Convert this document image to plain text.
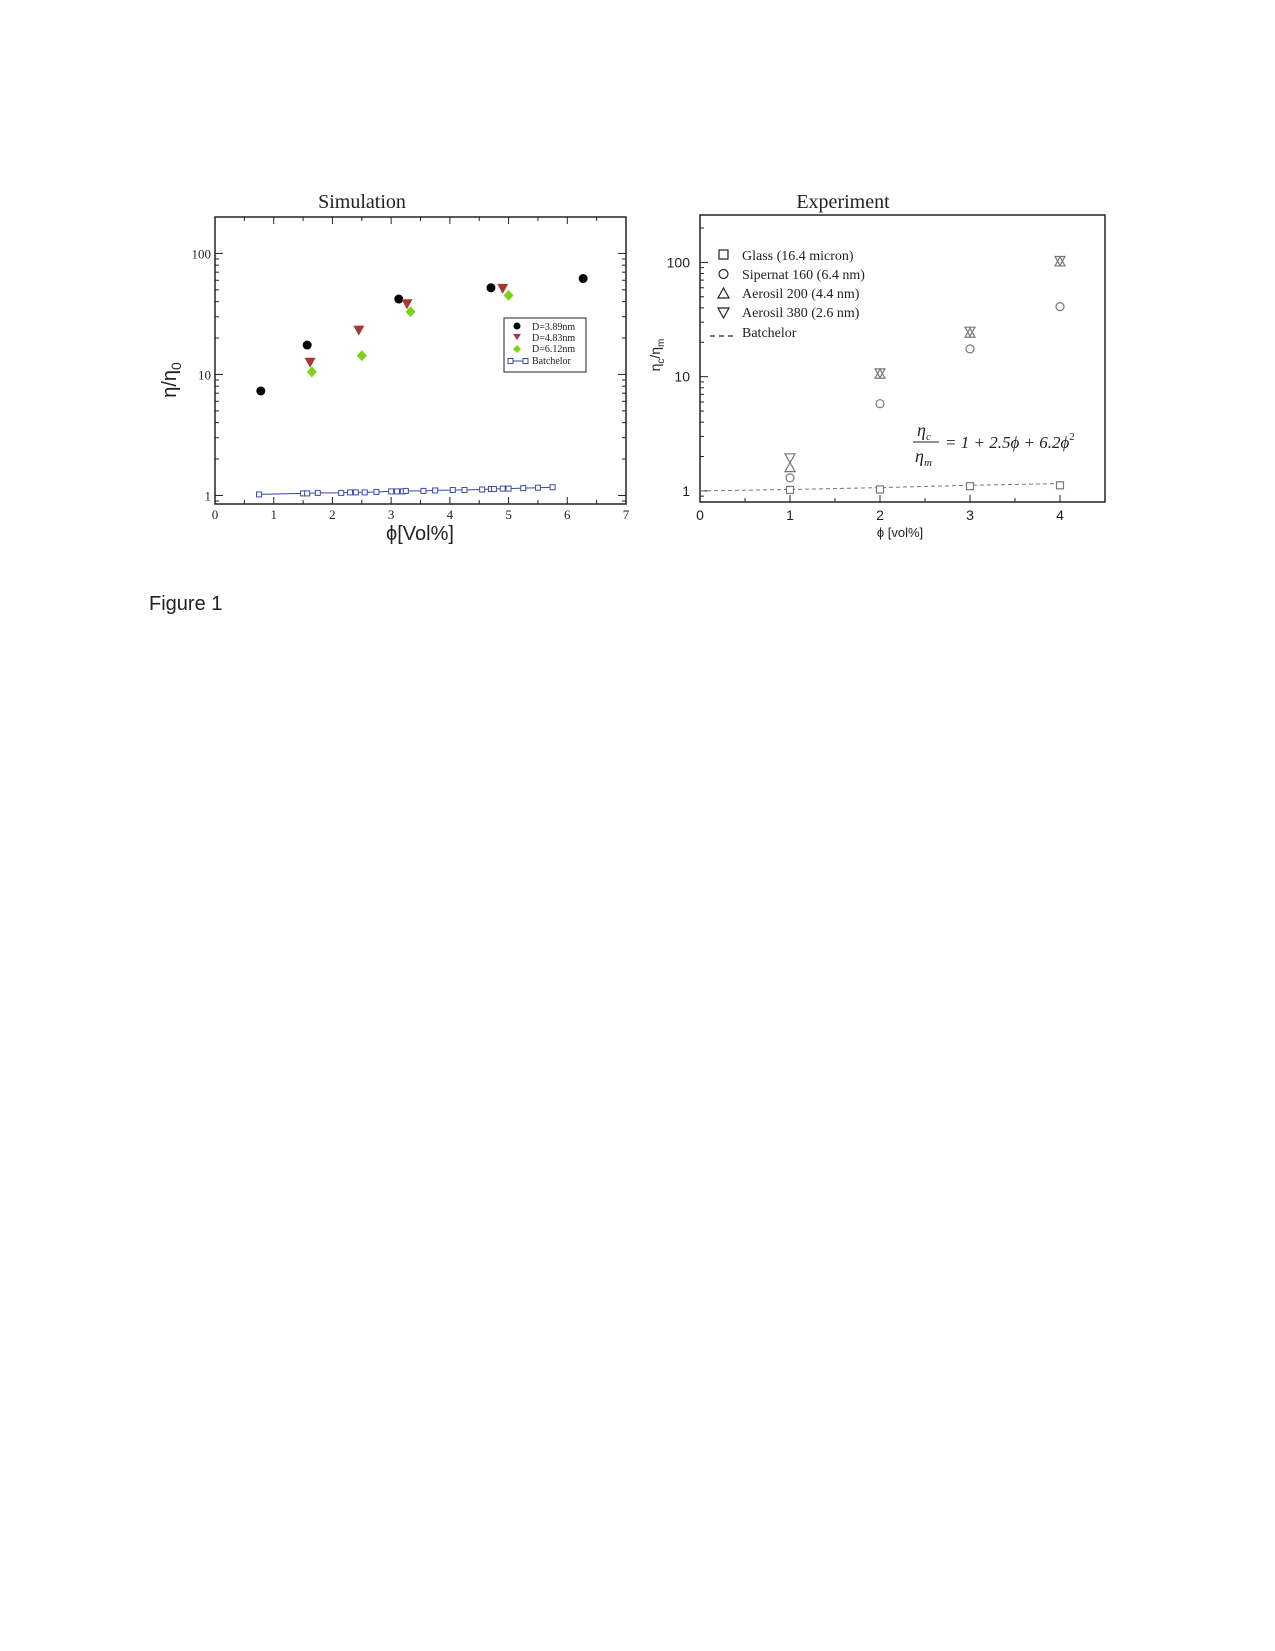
Simulation
0	1	2	3	4	5	6	7
1
10
100
ϕ[Vol%]
$\eta/\eta_0$
D=3.89nm
D=4.83nm
D=6.12nm
Batchelor
Experiment
0	1	2	3	4
1
10
100
ϕ [vol%]
$\eta_c/\eta_m$
Glass (16.4 micron)
Sipernat 160 (6.4 nm)
Aerosil 200 (4.4 nm)
Aerosil 380 (2.6 nm)
Batchelor
$\eta_c$
$\eta_m$
= $1 + 2.5\phi + 6.2\phi^2$
Figure 1
